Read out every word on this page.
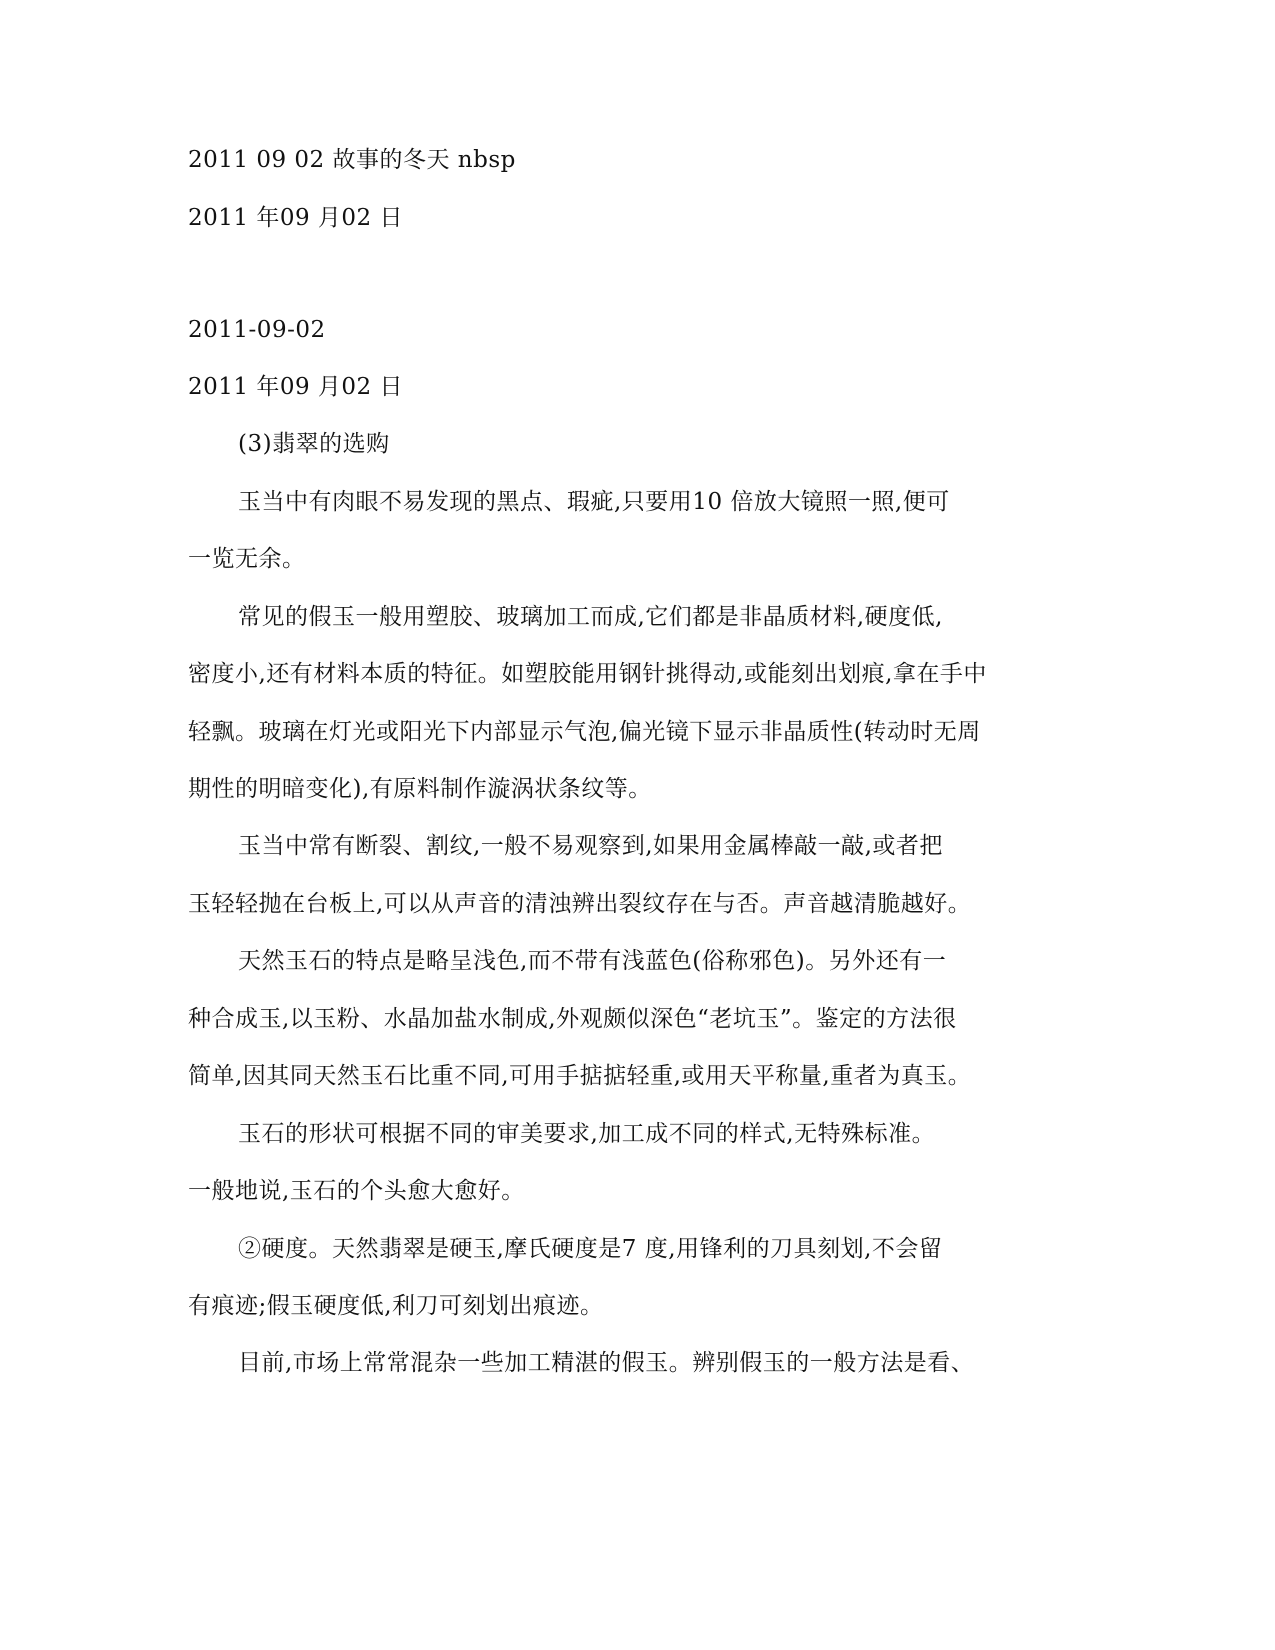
2011 09 02 故事的冬天 nbsp
2011 年09 月02 日
2011-09-02
2011 年09 月02 日
(3)翡翠的选购
玉当中有肉眼不易发现的黑点、瑕疵,只要用10 倍放大镜照一照,便可
一览无余。
常见的假玉一般用塑胶、玻璃加工而成,它们都是非晶质材料,硬度低,
密度小,还有材料本质的特征。如塑胶能用钢针挑得动,或能刻出划痕,拿在手中
轻飘。玻璃在灯光或阳光下内部显示气泡,偏光镜下显示非晶质性(转动时无周
期性的明暗变化),有原料制作漩涡状条纹等。
玉当中常有断裂、割纹,一般不易观察到,如果用金属棒敲一敲,或者把
玉轻轻抛在台板上,可以从声音的清浊辨出裂纹存在与否。声音越清脆越好。
天然玉石的特点是略呈浅色,而不带有浅蓝色(俗称邪色)。另外还有一
种合成玉,以玉粉、水晶加盐水制成,外观颇似深色“老坑玉”。鉴定的方法很
简单,因其同天然玉石比重不同,可用手掂掂轻重,或用天平称量,重者为真玉。
玉石的形状可根据不同的审美要求,加工成不同的样式,无特殊标准。
一般地说,玉石的个头愈大愈好。
②硬度。天然翡翠是硬玉,摩氏硬度是7 度,用锋利的刀具刻划,不会留
有痕迹;假玉硬度低,利刀可刻划出痕迹。
目前,市场上常常混杂一些加工精湛的假玉。辨别假玉的一般方法是看、
